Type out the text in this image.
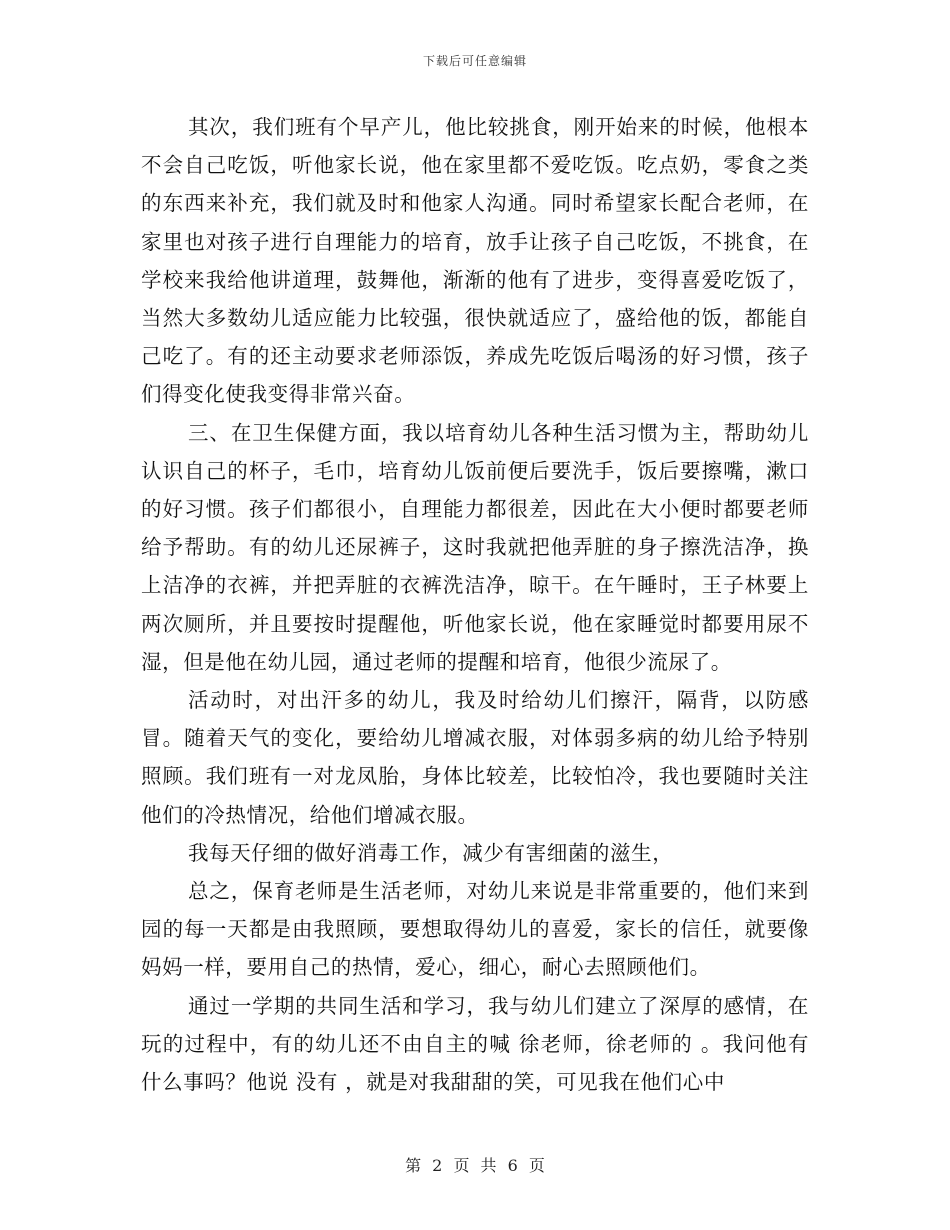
下载后可任意编辑

其次，我们班有个早产儿，他比较挑食，刚开始来的时候，他根本不会自己吃饭，听他家长说，他在家里都不爱吃饭。吃点奶，零食之类的东西来补充，我们就及时和他家人沟通。同时希望家长配合老师，在家里也对孩子进行自理能力的培育，放手让孩子自己吃饭，不挑食，在学校来我给他讲道理，鼓舞他，渐渐的他有了进步，变得喜爱吃饭了，当然大多数幼儿适应能力比较强，很快就适应了，盛给他的饭，都能自己吃了。有的还主动要求老师添饭，养成先吃饭后喝汤的好习惯，孩子们得变化使我变得非常兴奋。

三、在卫生保健方面，我以培育幼儿各种生活习惯为主，帮助幼儿认识自己的杯子，毛巾，培育幼儿饭前便后要洗手，饭后要擦嘴，漱口的好习惯。孩子们都很小，自理能力都很差，因此在大小便时都要老师给予帮助。有的幼儿还尿裤子，这时我就把他弄脏的身子擦洗洁净，换上洁净的衣裤，并把弄脏的衣裤洗洁净，晾干。在午睡时，王子林要上两次厕所，并且要按时提醒他，听他家长说，他在家睡觉时都要用尿不湿，但是他在幼儿园，通过老师的提醒和培育，他很少流尿了。

活动时，对出汗多的幼儿，我及时给幼儿们擦汗，隔背，以防感冒。随着天气的变化，要给幼儿增减衣服，对体弱多病的幼儿给予特别照顾。我们班有一对龙凤胎，身体比较差，比较怕冷，我也要随时关注他们的冷热情况，给他们增减衣服。

我每天仔细的做好消毒工作，减少有害细菌的滋生，

总之，保育老师是生活老师，对幼儿来说是非常重要的，他们来到园的每一天都是由我照顾，要想取得幼儿的喜爱，家长的信任，就要像妈妈一样，要用自己的热情，爱心，细心，耐心去照顾他们。

通过一学期的共同生活和学习，我与幼儿们建立了深厚的感情，在玩的过程中，有的幼儿还不由自主的喊 徐老师，徐老师的 。我问他有什么事吗？他说 没有 ，就是对我甜甜的笑，可见我在他们心中

第 2 页 共 6 页
